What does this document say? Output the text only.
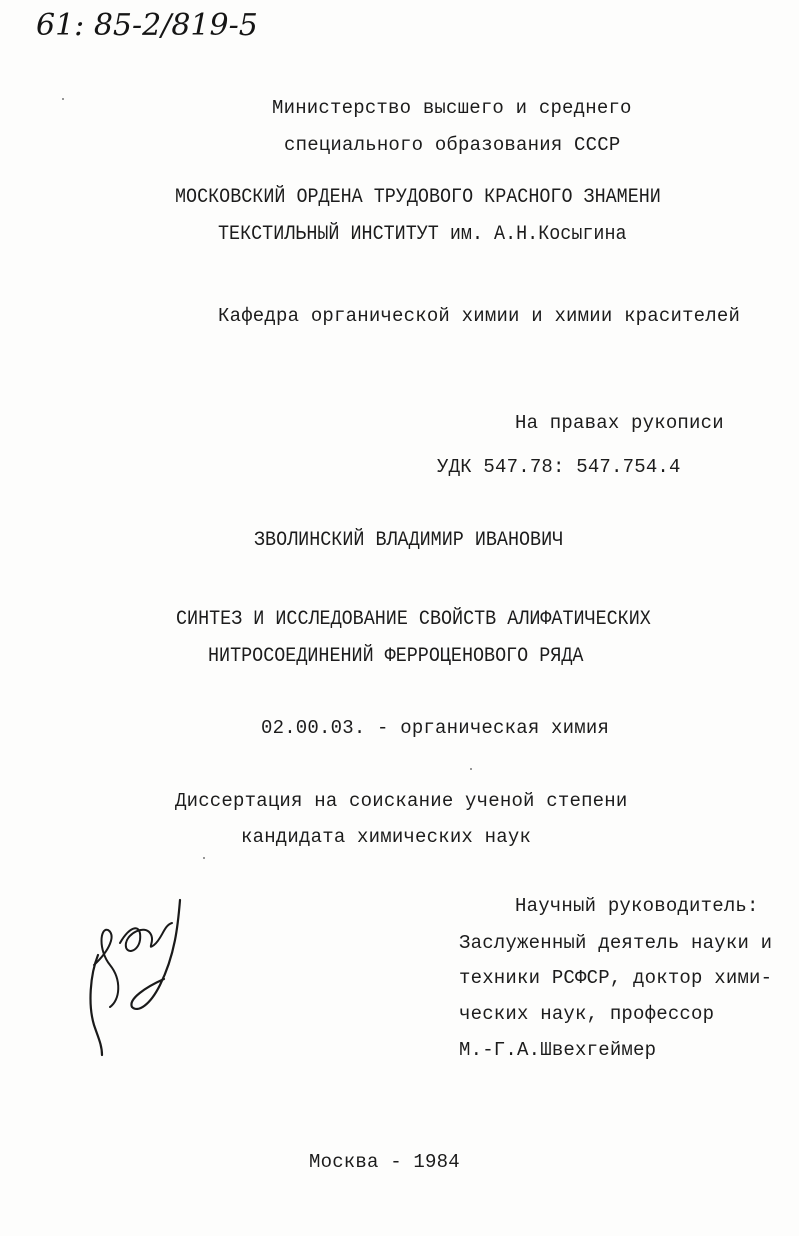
61: 85-2/819-5
Министерство высшего и среднего
специального образования СССР
МОСКОВСКИЙ ОРДЕНА ТРУДОВОГО КРАСНОГО ЗНАМЕНИ
ТЕКСТИЛЬНЫЙ ИНСТИТУТ им. А.Н.Косыгина
Кафедра органической химии и химии красителей
На правах рукописи
УДК 547.78: 547.754.4
ЗВОЛИНСКИЙ ВЛАДИМИР ИВАНОВИЧ
СИНТЕЗ И ИССЛЕДОВАНИЕ СВОЙСТВ АЛИФАТИЧЕСКИХ
НИТРОСОЕДИНЕНИЙ ФЕРРОЦЕНОВОГО РЯДА
02.00.03. - органическая химия
Диссертация на соискание ученой степени
кандидата химических наук
Научный руководитель:
Заслуженный деятель науки и
техники РСФСР, доктор хими-
ческих наук, профессор
М.-Г.А.Швехгеймер
Москва - 1984
